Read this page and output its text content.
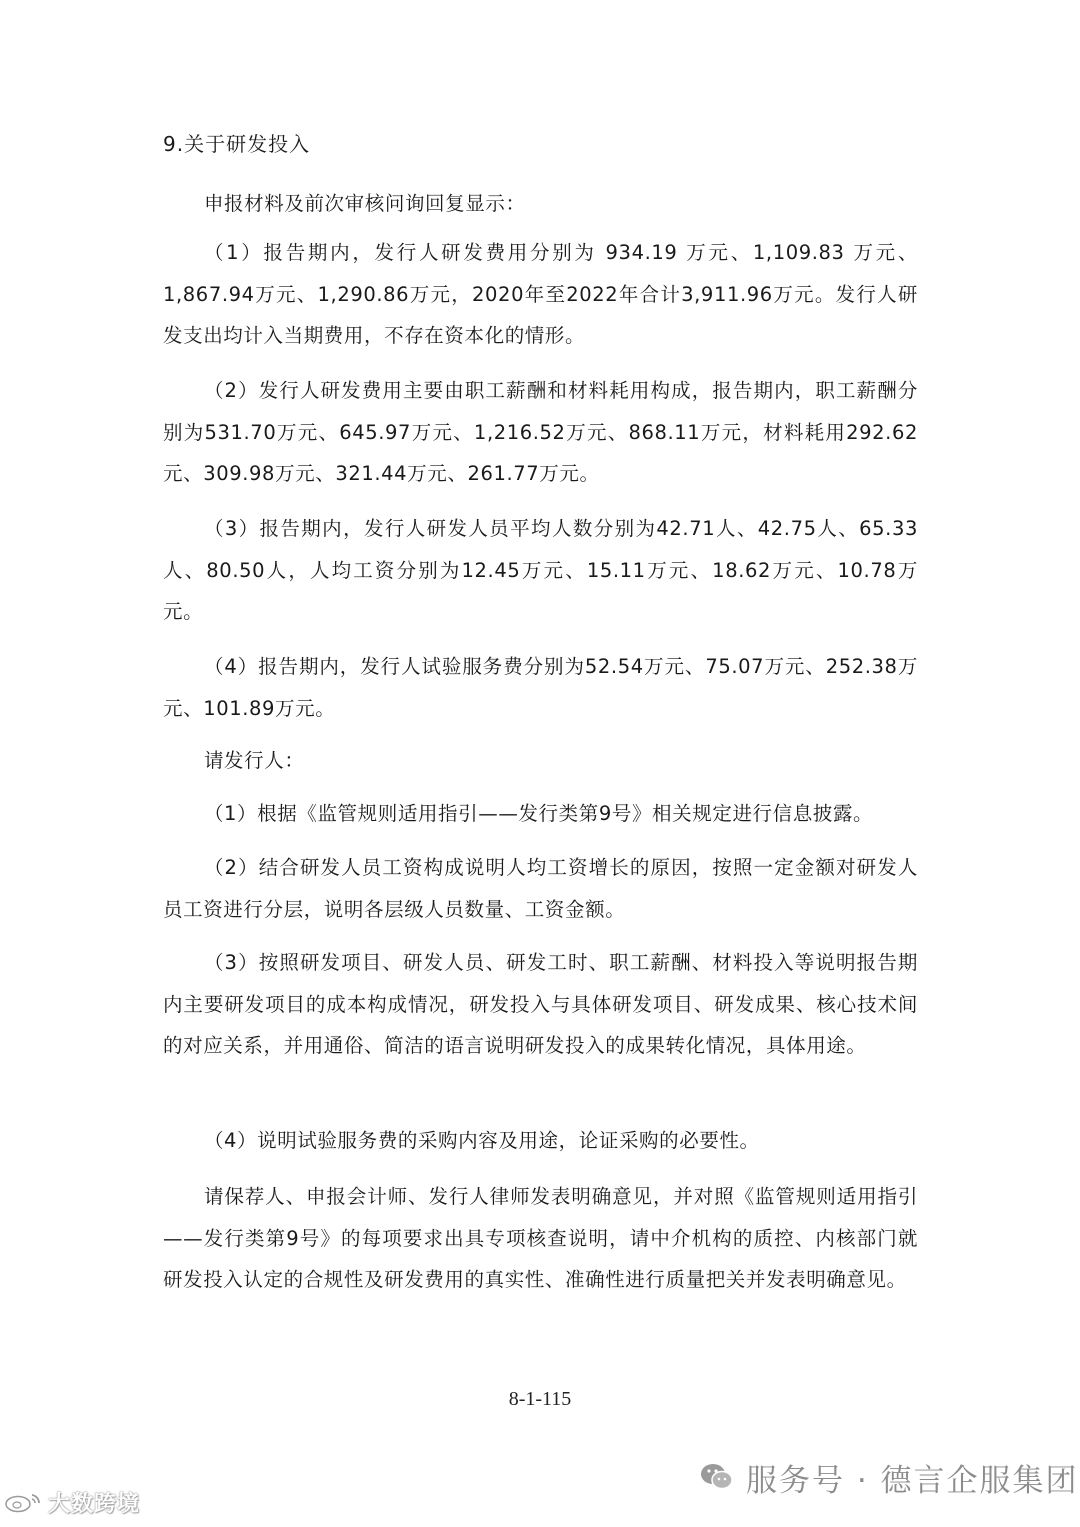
9.关于研发投入

申报材料及前次审核问询回复显示：

（1）报告期内，发行人研发费用分别为 934.19 万元、1,109.83 万元、1,867.94万元、1,290.86万元，2020年至2022年合计3,911.96万元。发行人研发支出均计入当期费用，不存在资本化的情形。

（2）发行人研发费用主要由职工薪酬和材料耗用构成，报告期内，职工薪酬分别为531.70万元、645.97万元、1,216.52万元、868.11万元，材料耗用292.62 元、309.98万元、321.44万元、261.77万元。

（3）报告期内，发行人研发人员平均人数分别为42.71人、42.75人、65.33人、80.50人，人均工资分别为12.45万元、15.11万元、18.62万元、10.78万元。

（4）报告期内，发行人试验服务费分别为52.54万元、75.07万元、252.38万元、101.89万元。

请发行人：

（1）根据《监管规则适用指引——发行类第9号》相关规定进行信息披露。

（2）结合研发人员工资构成说明人均工资增长的原因，按照一定金额对研发人员工资进行分层，说明各层级人员数量、工资金额。

（3）按照研发项目、研发人员、研发工时、职工薪酬、材料投入等说明报告期内主要研发项目的成本构成情况，研发投入与具体研发项目、研发成果、核心技术间的对应关系，并用通俗、简洁的语言说明研发投入的成果转化情况，具体用途。

（4）说明试验服务费的采购内容及用途，论证采购的必要性。

请保荐人、申报会计师、发行人律师发表明确意见，并对照《监管规则适用指引——发行类第9号》的每项要求出具专项核查说明，请中介机构的质控、内核部门就研发投入认定的合规性及研发费用的真实性、准确性进行质量把关并发表明确意见。

8-1-115
服务号 · 德言企服集团
大数跨境
